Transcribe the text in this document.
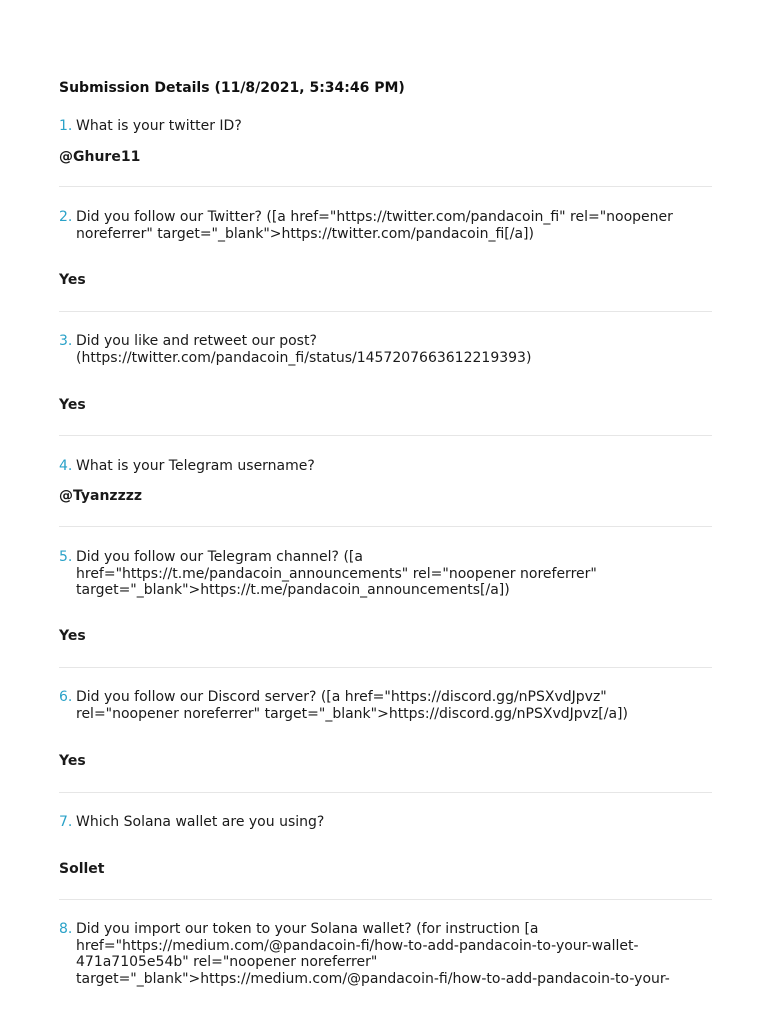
Submission Details (11/8/2021, 5:34:46 PM)
1. What is your twitter ID?
@Ghure11
2. Did you follow our Twitter? ([a href="https://twitter.com/pandacoin_fi" rel="noopener
noreferrer" target="_blank">https://twitter.com/pandacoin_fi[/a])
Yes
3. Did you like and retweet our post?
(https://twitter.com/pandacoin_fi/status/1457207663612219393)
Yes
4. What is your Telegram username?
@Tyanzzzz
5. Did you follow our Telegram channel? ([a
href="https://t.me/pandacoin_announcements" rel="noopener noreferrer"
target="_blank">https://t.me/pandacoin_announcements[/a])
Yes
6. Did you follow our Discord server? ([a href="https://discord.gg/nPSXvdJpvz"
rel="noopener noreferrer" target="_blank">https://discord.gg/nPSXvdJpvz[/a])
Yes
7. Which Solana wallet are you using?
Sollet
8. Did you import our token to your Solana wallet? (for instruction [a
href="https://medium.com/@pandacoin-fi/how-to-add-pandacoin-to-your-wallet-
471a7105e54b" rel="noopener noreferrer"
target="_blank">https://medium.com/@pandacoin-fi/how-to-add-pandacoin-to-your-
